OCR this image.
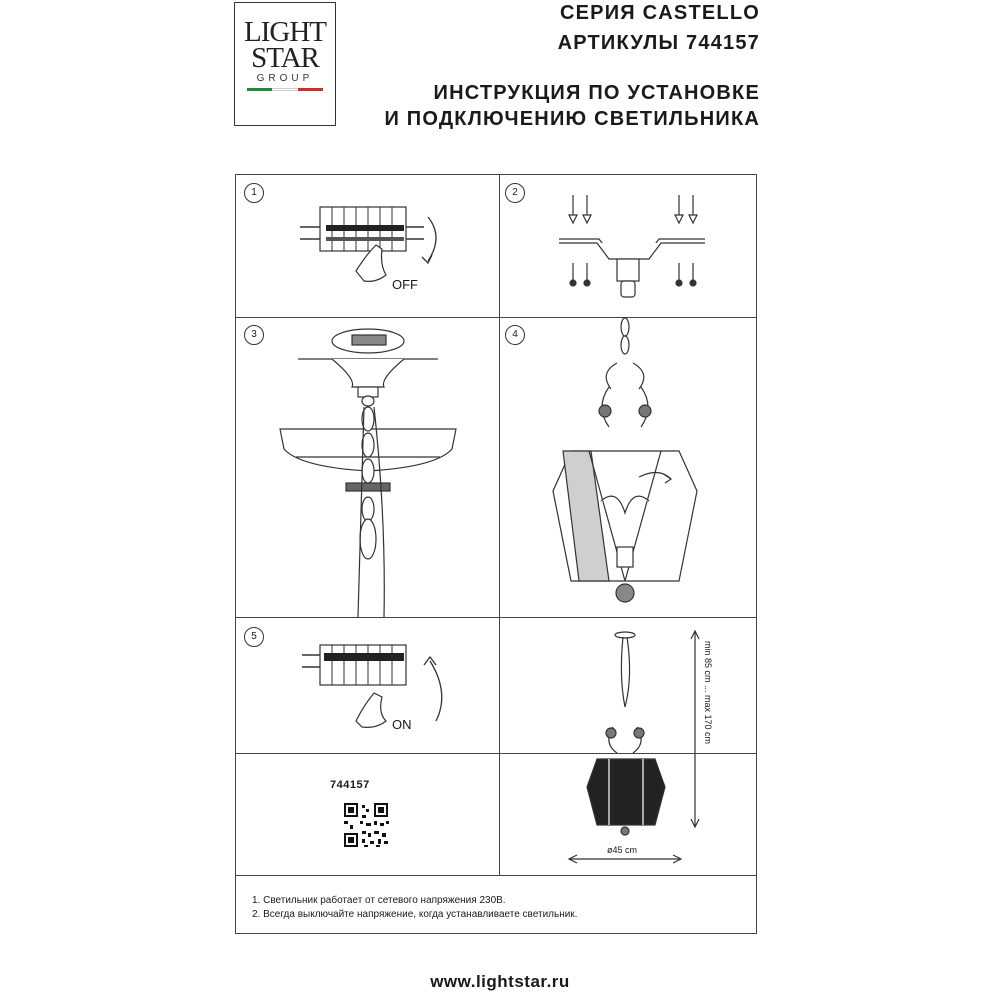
LIGHT
STAR
GROUP
СЕРИЯ CASTELLO
АРТИКУЛЫ 744157
ИНСТРУКЦИЯ ПО УСТАНОВКЕ
И ПОДКЛЮЧЕНИЮ СВЕТИЛЬНИКА
1
OFF
2
3	4
5
ON
744157
min 85 cm ... max 170 cm
ø45 cm
1. Светильник работает от сетевого напряжения 230В.
2. Всегда выключайте напряжение, когда устанавливаете светильник.
www.lightstar.ru
